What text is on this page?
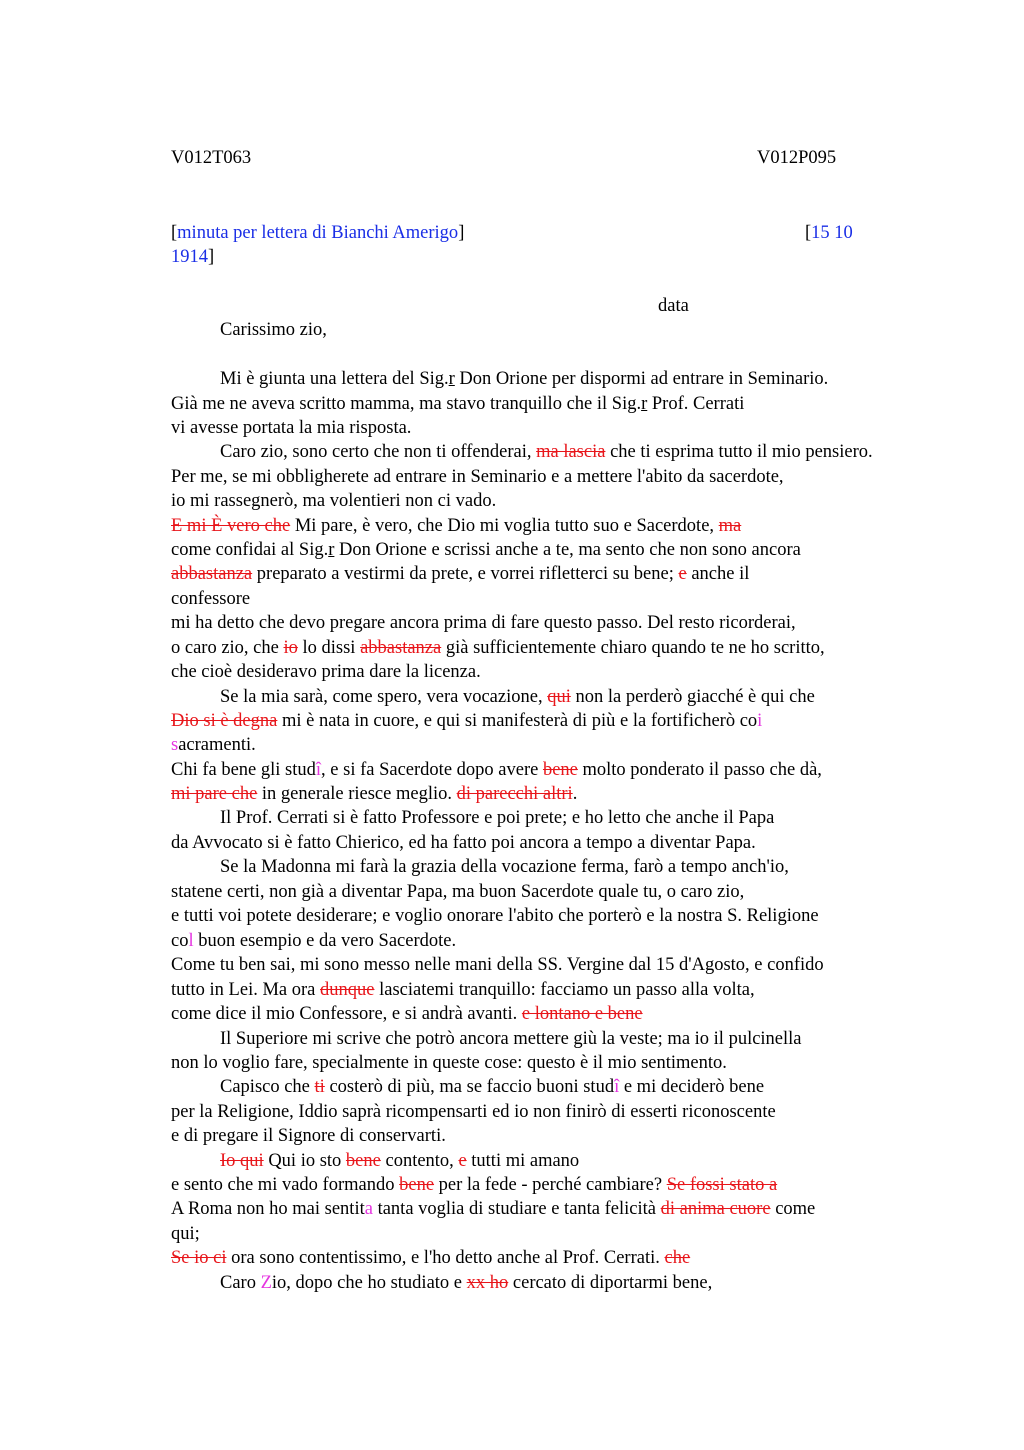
V012T063	V012P095
[minuta per lettera di Bianchi Amerigo]	[15 10
1914]
data
Carissimo zio,
Mi è giunta una lettera del Sig.r Don Orione per dispormi ad entrare in Seminario.
Già me ne aveva scritto mamma, ma stavo tranquillo che il Sig.r Prof. Cerrati
vi avesse portata la mia risposta.
Caro zio, sono certo che non ti offenderai, ma lascia che ti esprima tutto il mio pensiero.
Per me, se mi obbligherete ad entrare in Seminario e a mettere l'abito da sacerdote,
io mi rassegnerò, ma volentieri non ci vado.
E mi È vero che Mi pare, è vero, che Dio mi voglia tutto suo e Sacerdote, ma
come confidai al Sig.r Don Orione e scrissi anche a te, ma sento che non sono ancora
abbastanza preparato a vestirmi da prete, e vorrei rifletterci su bene; e anche il
confessore
mi ha detto che devo pregare ancora prima di fare questo passo. Del resto ricorderai,
o caro zio, che io lo dissi abbastanza già sufficientemente chiaro quando te ne ho scritto,
che cioè desideravo prima dare la licenza.
Se la mia sarà, come spero, vera vocazione, qui non la perderò giacché è qui che
Dio si è degna mi è nata in cuore, e qui si manifesterà di più e la fortificherò coi
sacramenti.
Chi fa bene gli studî, e si fa Sacerdote dopo avere bene molto ponderato il passo che dà,
mi pare che in generale riesce meglio. di parecchi altri.
Il Prof. Cerrati si è fatto Professore e poi prete; e ho letto che anche il Papa
da Avvocato si è fatto Chierico, ed ha fatto poi ancora a tempo a diventar Papa.
Se la Madonna mi farà la grazia della vocazione ferma, farò a tempo anch'io,
statene certi, non già a diventar Papa, ma buon Sacerdote quale tu, o caro zio,
e tutti voi potete desiderare; e voglio onorare l'abito che porterò e la nostra S. Religione
col buon esempio e da vero Sacerdote.
Come tu ben sai, mi sono messo nelle mani della SS. Vergine dal 15 d'Agosto, e confido
tutto in Lei. Ma ora dunque lasciatemi tranquillo: facciamo un passo alla volta,
come dice il mio Confessore, e si andrà avanti. e lontano e bene
Il Superiore mi scrive che potrò ancora mettere giù la veste; ma io il pulcinella
non lo voglio fare, specialmente in queste cose: questo è il mio sentimento.
Capisco che ti costerò di più, ma se faccio buoni studî e mi deciderò bene
per la Religione, Iddio saprà ricompensarti ed io non finirò di esserti riconoscente
e di pregare il Signore di conservarti.
Io qui Qui io sto bene contento, e tutti mi amano
e sento che mi vado formando bene per la fede - perché cambiare? Se fossi stato a
A Roma non ho mai sentita tanta voglia di studiare e tanta felicità di anima cuore come
qui;
Se io ci ora sono contentissimo, e l'ho detto anche al Prof. Cerrati. che
Caro Zio, dopo che ho studiato e xx ho cercato di diportarmi bene,
